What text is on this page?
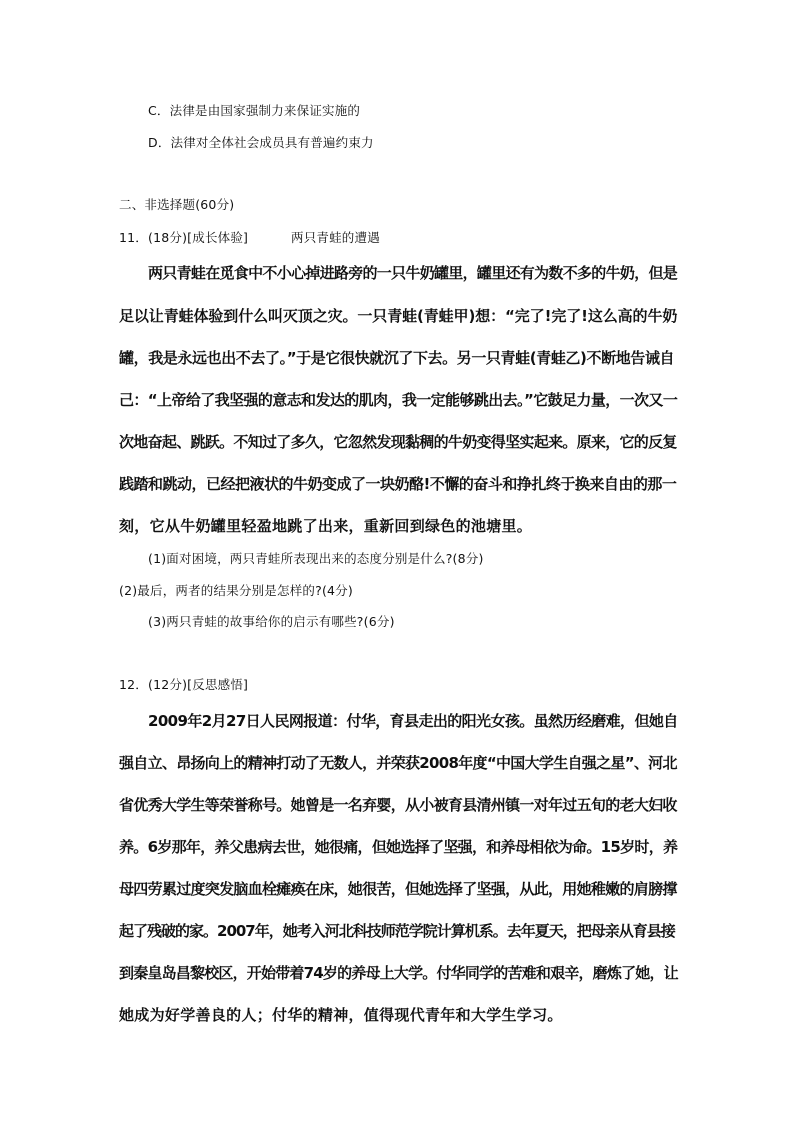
C．法律是由国家强制力来保证实施的
D．法律对全体社会成员具有普遍约束力
二、非选择题(60分)
11．(18分)[成长体验]	两只青蛙的遭遇
两只青蛙在觅食中不小心掉进路旁的一只牛奶罐里，罐里还有为数不多的牛奶，但是
足以让青蛙体验到什么叫灭顶之灾。一只青蛙(青蛙甲)想：“完了!完了!这么高的牛奶
罐，我是永远也出不去了。”于是它很快就沉了下去。另一只青蛙(青蛙乙)不断地告诫自
己：“上帝给了我坚强的意志和发达的肌肉，我一定能够跳出去。”它鼓足力量，一次又一
次地奋起、跳跃。不知过了多久，它忽然发现黏稠的牛奶变得坚实起来。原来，它的反复
践踏和跳动，已经把液状的牛奶变成了一块奶酪!不懈的奋斗和挣扎终于换来自由的那一
刻，它从牛奶罐里轻盈地跳了出来，重新回到绿色的池塘里。
(1)面对困境，两只青蛙所表现出来的态度分别是什么?(8分)
(2)最后，两者的结果分别是怎样的?(4分)
(3)两只青蛙的故事给你的启示有哪些?(6分)
12．(12分)[反思感悟]
2009年2月27日人民网报道：付华，育县走出的阳光女孩。虽然历经磨难，但她自
强自立、昂扬向上的精神打动了无数人，并荣获2008年度“中国大学生自强之星”、河北
省优秀大学生等荣誉称号。她曾是一名弃婴，从小被育县清州镇一对年过五旬的老大妇收
养。6岁那年，养父患病去世，她很痛，但她选择了坚强，和养母相依为命。15岁时，养
母四劳累过度突发脑血栓瘫痪在床，她很苦，但她选择了坚强，从此，用她稚嫩的肩膀撑
起了残破的家。2007年，她考入河北科技师范学院计算机系。去年夏天，把母亲从育县接
到秦皇岛昌黎校区，开始带着74岁的养母上大学。付华同学的苦难和艰辛，磨炼了她，让
她成为好学善良的人；付华的精神，值得现代青年和大学生学习。
